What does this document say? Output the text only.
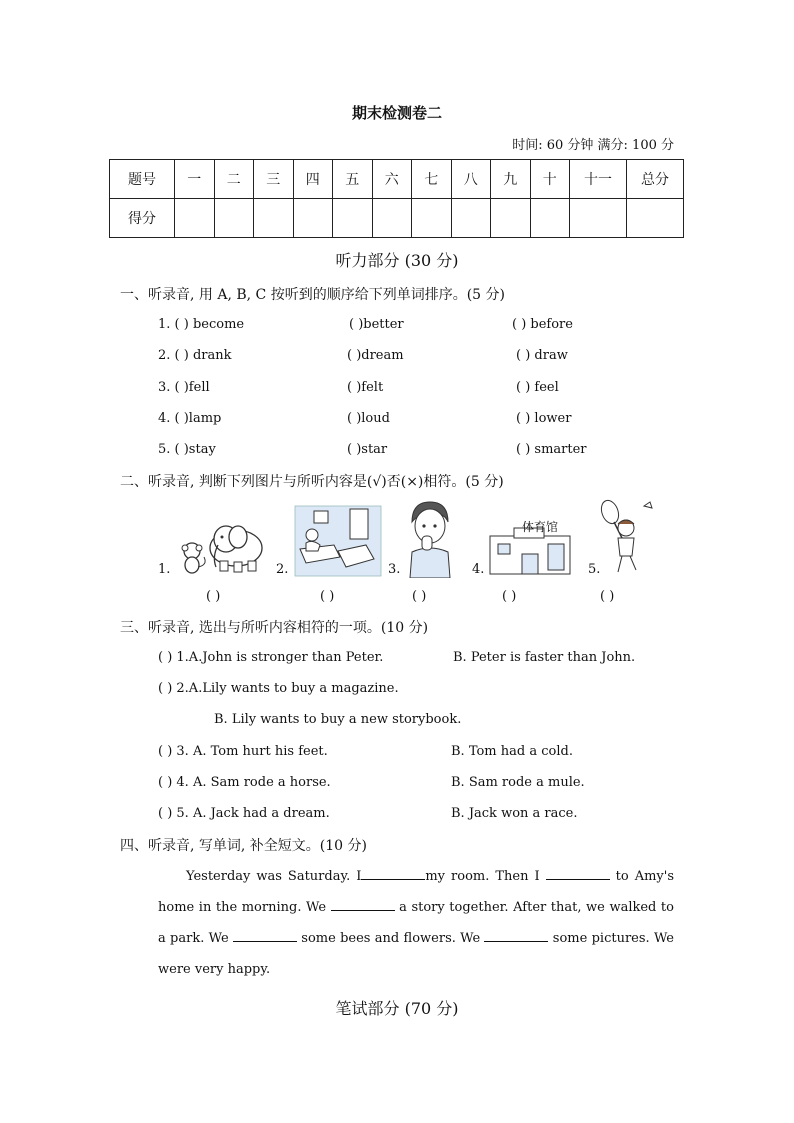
期末检测卷二
时间: 60 分钟 满分: 100 分
题号	一	二	三	四	五	六	七	八	九	十	十一	总分
得分												
听力部分 (30 分)
一、听录音, 用 A, B, C 按听到的顺序给下列单词排序。(5 分)
1. ( ) become	( )better	( ) before
2. ( ) drank	( )dream	( ) draw
3. ( )fell	( )felt	( ) feel
4. ( )lamp	( )loud	( ) lower
5. ( )stay	( )star	( ) smarter
二、听录音, 判断下列图片与所听内容是(√)否(×)相符。(5 分)
1.	2.	3.	4.
体育馆
5.
( )	( )	( )	( )	( )
三、听录音, 选出与所听内容相符的一项。(10 分)
( ) 1.A.John is stronger than Peter.	B. Peter is faster than John.
( ) 2.A.Lily wants to buy a magazine.
B. Lily wants to buy a new storybook.
( ) 3. A. Tom hurt his feet.	B. Tom had a cold.
( ) 4. A. Sam rode a horse.	B. Sam rode a mule.
( ) 5. A. Jack had a dream.	B. Jack won a race.
四、听录音, 写单词, 补全短文。(10 分)
Yesterday was Saturday. I	my room. Then I	to Amy's home in the morning. We	a story together. After that, we walked to a park. We	some bees and flowers. We	some pictures. We were very happy.
笔试部分 (70 分)
